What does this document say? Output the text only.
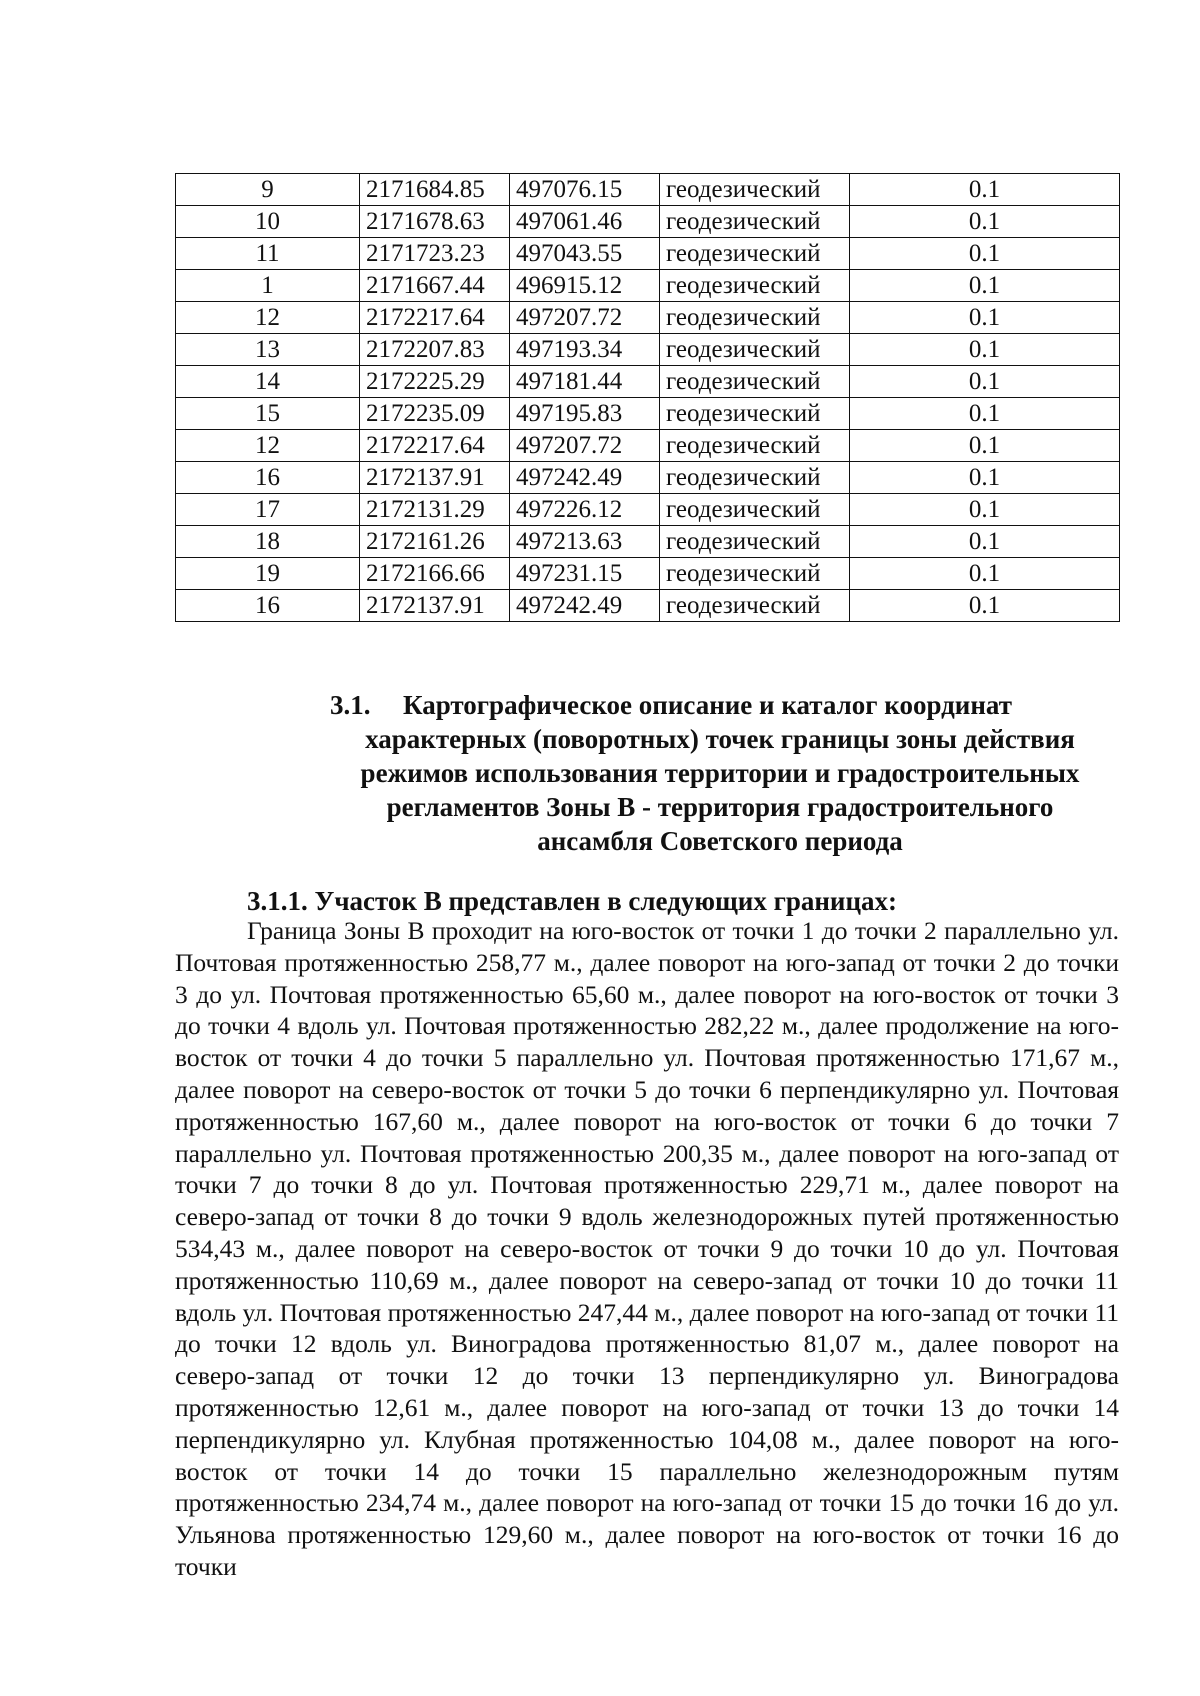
9	2171684.85	497076.15	геодезический	0.1
10	2171678.63	497061.46	геодезический	0.1
11	2171723.23	497043.55	геодезический	0.1
1	2171667.44	496915.12	геодезический	0.1
12	2172217.64	497207.72	геодезический	0.1
13	2172207.83	497193.34	геодезический	0.1
14	2172225.29	497181.44	геодезический	0.1
15	2172235.09	497195.83	геодезический	0.1
12	2172217.64	497207.72	геодезический	0.1
16	2172137.91	497242.49	геодезический	0.1
17	2172131.29	497226.12	геодезический	0.1
18	2172161.26	497213.63	геодезический	0.1
19	2172166.66	497231.15	геодезический	0.1
16	2172137.91	497242.49	геодезический	0.1
3.1.	Картографическое описание и каталог координат
характерных (поворотных) точек границы зоны действия режимов использования территории и градостроительных регламентов Зоны В - территория градостроительного ансамбля Советского периода
3.1.1. Участок В представлен в следующих границах:

Граница Зоны В проходит на юго-восток от точки 1 до точки 2 параллельно ул. Почтовая протяженностью 258,77 м., далее поворот на юго-запад от точки 2 до точки 3 до ул. Почтовая протяженностью 65,60 м., далее поворот на юго-восток от точки 3 до точки 4 вдоль ул. Почтовая протяженностью 282,22 м., далее продолжение на юго-восток от точки 4 до точки 5 параллельно ул. Почтовая протяженностью 171,67 м., далее поворот на северо-восток от точки 5 до точки 6 перпендикулярно ул. Почтовая протяженностью 167,60 м., далее поворот на юго-восток от точки 6 до точки 7 параллельно ул. Почтовая протяженностью 200,35 м., далее поворот на юго-запад от точки 7 до точки 8 до ул. Почтовая протяженностью 229,71 м., далее поворот на северо-запад от точки 8 до точки 9 вдоль железнодорожных путей протяженностью 534,43 м., далее поворот на северо-восток от точки 9 до точки 10 до ул. Почтовая протяженностью 110,69 м., далее поворот на северо-запад от точки 10 до точки 11 вдоль ул. Почтовая протяженностью 247,44 м., далее поворот на юго-запад от точки 11 до точки 12 вдоль ул. Виноградова протяженностью 81,07 м., далее поворот на северо-запад от точки 12 до точки 13 перпендикулярно ул. Виноградова протяженностью 12,61 м., далее поворот на юго-запад от точки 13 до точки 14 перпендикулярно ул. Клубная протяженностью 104,08 м., далее поворот на юго-восток от точки 14 до точки 15 параллельно железнодорожным путям протяженностью 234,74 м., далее поворот на юго-запад от точки 15 до точки 16 до ул. Ульянова протяженностью 129,60 м., далее поворот на юго-восток от точки 16 до точки
